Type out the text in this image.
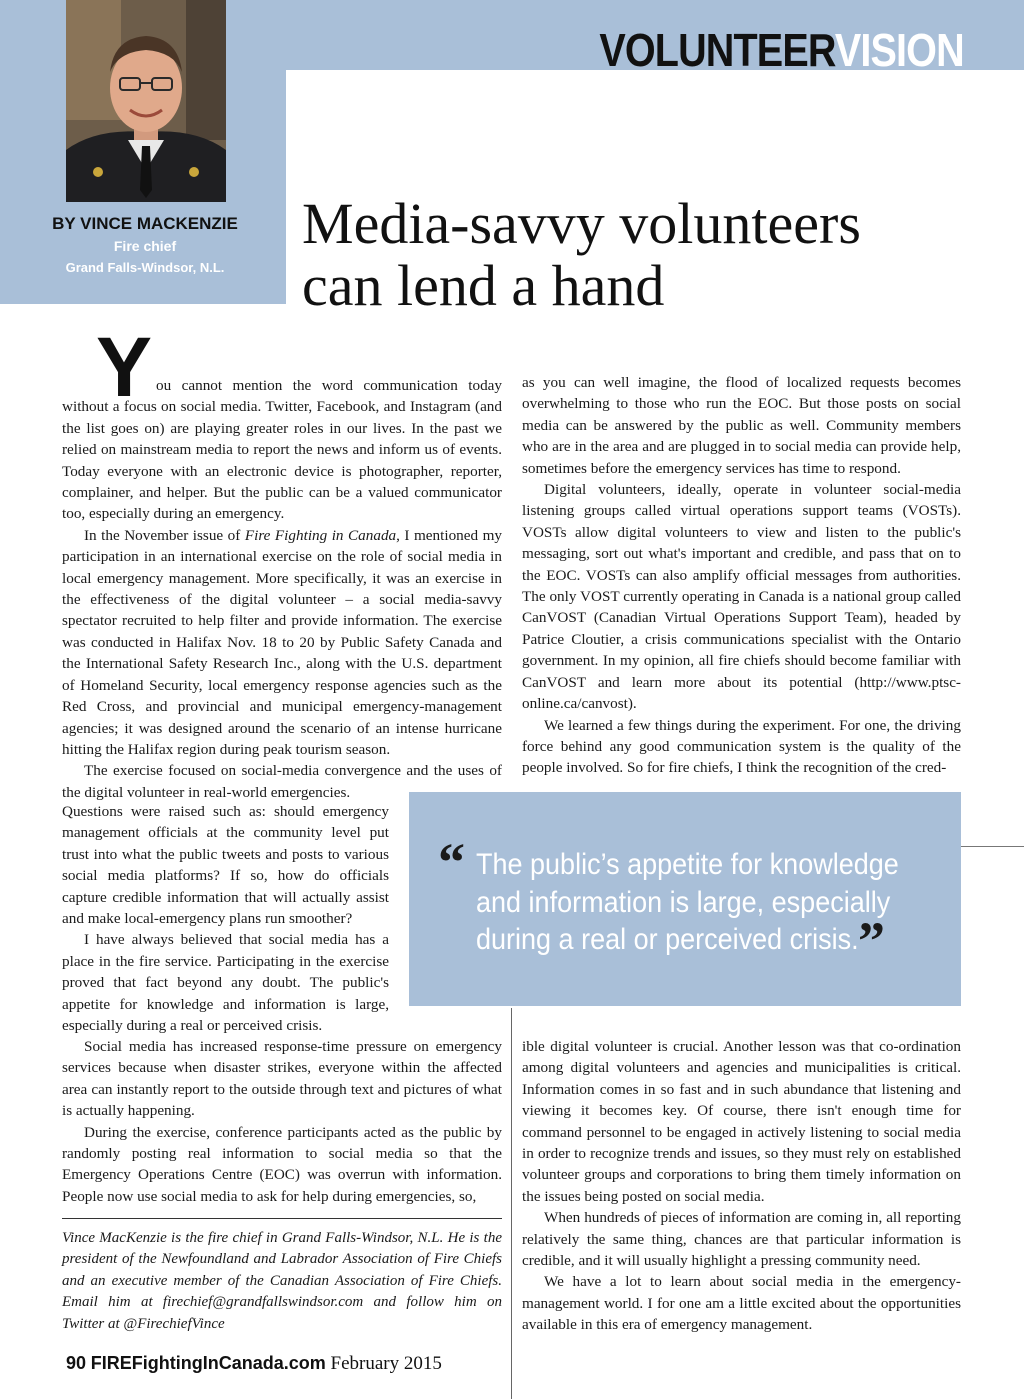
VOLUNTEERVISION
BY VINCE MACKENZIE
Fire chief
Grand Falls-Windsor, N.L.
Media-savvy volunteers
can lend a hand

You cannot mention the word communication today without a focus on social media. Twitter, Facebook, and Instagram (and the list goes on) are playing greater roles in our lives. In the past we relied on mainstream media to report the news and inform us of events. Today everyone with an electronic device is photographer, reporter, complainer, and helper. But the public can be a valued communicator too, especially during an emergency.

In the November issue of Fire Fighting in Canada, I mentioned my participation in an international exercise on the role of social media in local emergency management. More specifically, it was an exercise in the effectiveness of the digital volunteer – a social media-savvy spectator recruited to help filter and provide information. The exercise was conducted in Halifax Nov. 18 to 20 by Public Safety Canada and the International Safety Research Inc., along with the U.S. department of Homeland Security, local emergency response agencies such as the Red Cross, and provincial and municipal emergency-management agencies; it was designed around the scenario of an intense hurricane hitting the Halifax region during peak tourism season.

The exercise focused on social-media convergence and the uses of the digital volunteer in real-world emergencies.

Questions were raised such as: should emergency management officials at the community level put trust into what the public tweets and posts to various social media platforms? If so, how do officials capture credible information that will actually assist and make local-emergency plans run smoother?

I have always believed that social media has a place in the fire service. Participating in the exercise proved that fact beyond any doubt. The public's appetite for knowledge and information is large, especially during a real or perceived crisis.

Social media has increased response-time pressure on emergency services because when disaster strikes, everyone within the affected area can instantly report to the outside through text and pictures of what is actually happening.

During the exercise, conference participants acted as the public by randomly posting real information to social media so that the Emergency Operations Centre (EOC) was overrun with information. People now use social media to ask for help during emergencies, so,

as you can well imagine, the flood of localized requests becomes overwhelming to those who run the EOC. But those posts on social media can be answered by the public as well. Community members who are in the area and are plugged in to social media can provide help, sometimes before the emergency services has time to respond.

Digital volunteers, ideally, operate in volunteer social-media listening groups called virtual operations support teams (VOSTs). VOSTs allow digital volunteers to view and listen to the public's messaging, sort out what's important and credible, and pass that on to the EOC. VOSTs can also amplify official messages from authorities. The only VOST currently operating in Canada is a national group called CanVOST (Canadian Virtual Operations Support Team), headed by Patrice Cloutier, a crisis communications specialist with the Ontario government. In my opinion, all fire chiefs should become familiar with CanVOST and learn more about its potential (http://www.ptsc-online.ca/canvost).

We learned a few things during the experiment. For one, the driving force behind any good communication system is the quality of the people involved. So for fire chiefs, I think the recognition of the cred-

ible digital volunteer is crucial. Another lesson was that co-ordination among digital volunteers and agencies and municipalities is critical. Information comes in so fast and in such abundance that listening and viewing it becomes key. Of course, there isn't enough time for command personnel to be engaged in actively listening to social media in order to recognize trends and issues, so they must rely on established volunteer groups and corporations to bring them timely information on the issues being posted on social media.

When hundreds of pieces of information are coming in, all reporting relatively the same thing, chances are that particular information is credible, and it will usually highlight a pressing community need.

We have a lot to learn about social media in the emergency-management world. I for one am a little excited about the opportunities available in this era of emergency management.

“ The public’s appetite for knowledge
and information is large, especially
during a real or perceived crisis. ”
Vince MacKenzie is the fire chief in Grand Falls-Windsor, N.L. He is the president of the Newfoundland and Labrador Association of Fire Chiefs and an executive member of the Canadian Association of Fire Chiefs. Email him at firechief@grandfallswindsor.com and follow him on Twitter at @FirechiefVince
90 FIREFightingInCanada.com February 2015
